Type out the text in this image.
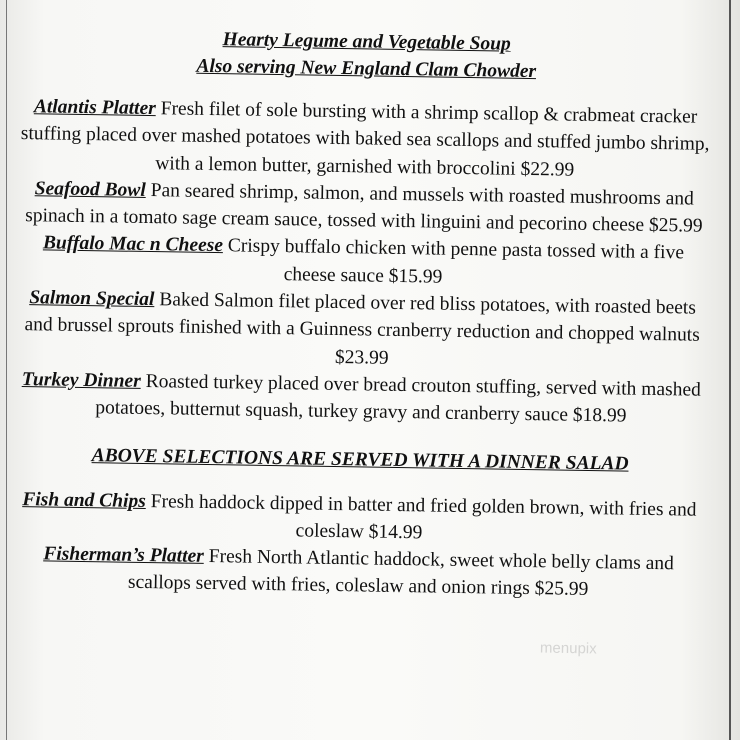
Hearty Legume and Vegetable Soup

Also serving New England Clam Chowder

Atlantis Platter Fresh filet of sole bursting with a shrimp scallop & crabmeat cracker stuffing placed over mashed potatoes with baked sea scallops and stuffed jumbo shrimp, with a lemon butter, garnished with broccolini $22.99

Seafood Bowl Pan seared shrimp, salmon, and mussels with roasted mushrooms and spinach in a tomato sage cream sauce, tossed with linguini and pecorino cheese $25.99

Buffalo Mac n Cheese Crispy buffalo chicken with penne pasta tossed with a five cheese sauce $15.99

Salmon Special Baked Salmon filet placed over red bliss potatoes, with roasted beets and brussel sprouts finished with a Guinness cranberry reduction and chopped walnuts $23.99

Turkey Dinner Roasted turkey placed over bread crouton stuffing, served with mashed potatoes, butternut squash, turkey gravy and cranberry sauce $18.99

ABOVE SELECTIONS ARE SERVED WITH A DINNER SALAD

Fish and Chips Fresh haddock dipped in batter and fried golden brown, with fries and coleslaw $14.99

Fisherman’s Platter Fresh North Atlantic haddock, sweet whole belly clams and scallops served with fries, coleslaw and onion rings $25.99

menupix
